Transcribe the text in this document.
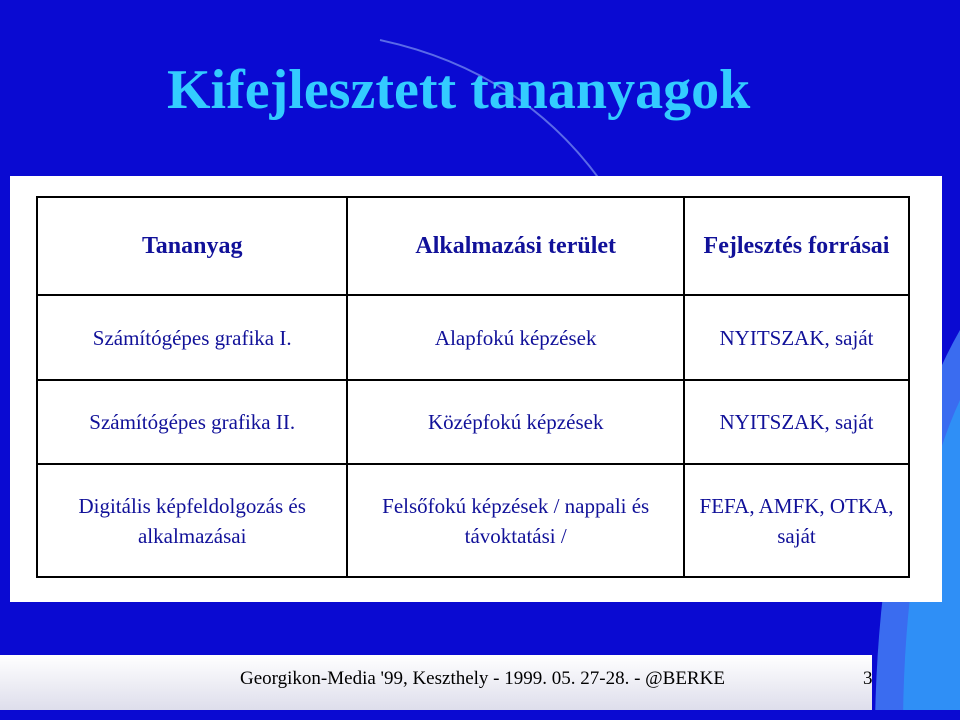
Kifejlesztett tananyagok
Tananyag	Alkalmazási terület	Fejlesztés forrásai
Számítógépes grafika I.	Alapfokú képzések	NYITSZAK, saját
Számítógépes grafika II.	Középfokú képzések	NYITSZAK, saját
Digitális képfeldolgozás és alkalmazásai	Felsőfokú képzések / nappali és távoktatási /	FEFA, AMFK, OTKA, saját
Georgikon-Media '99, Keszthely - 1999. 05. 27-28. - @BERKE	3
